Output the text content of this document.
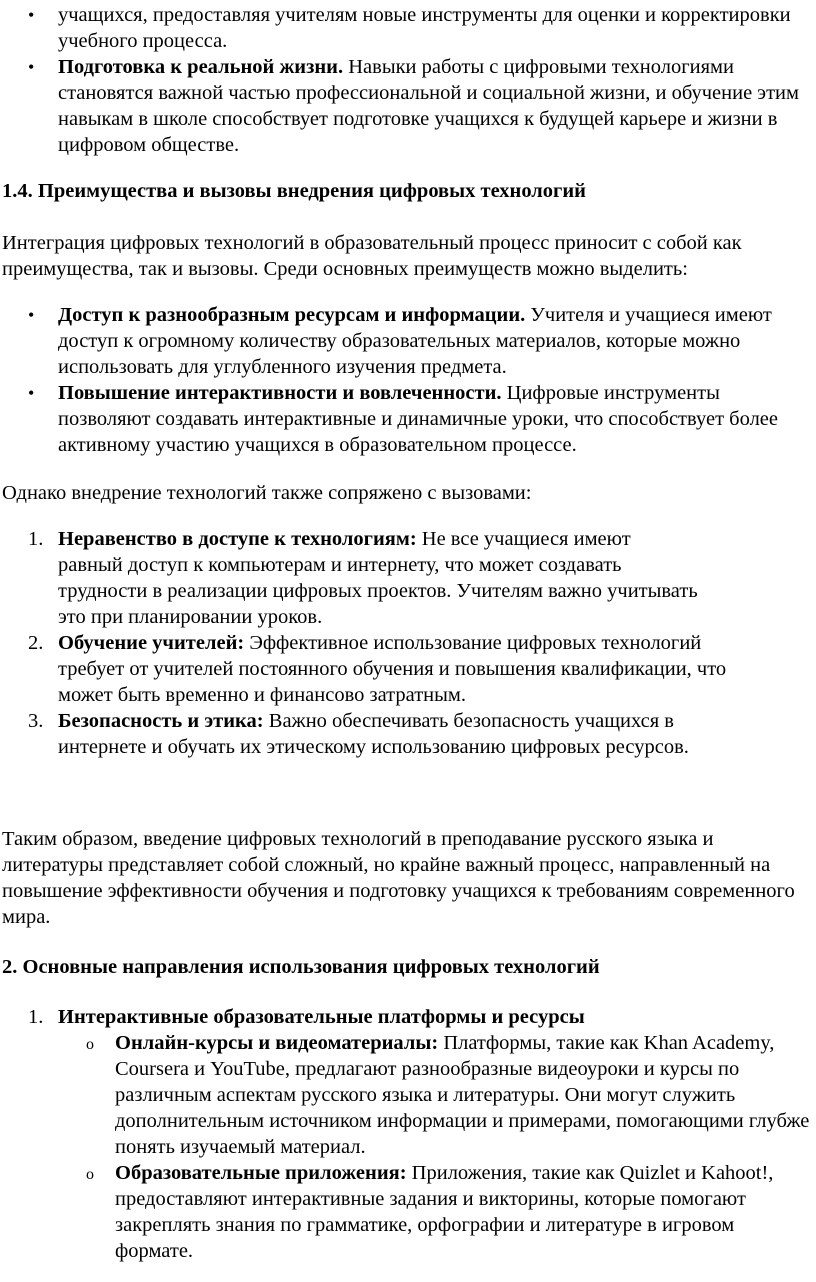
• учащихся, предоставляя учителям новые инструменты для оценки и корректировки учебного процесса.
• Подготовка к реальной жизни. Навыки работы с цифровыми технологиями становятся важной частью профессиональной и социальной жизни, и обучение этим навыкам в школе способствует подготовке учащихся к будущей карьере и жизни в цифровом обществе.

1.4. Преимущества и вызовы внедрения цифровых технологий

Интеграция цифровых технологий в образовательный процесс приносит с собой как преимущества, так и вызовы. Среди основных преимуществ можно выделить:

• Доступ к разнообразным ресурсам и информации. Учителя и учащиеся имеют доступ к огромному количеству образовательных материалов, которые можно использовать для углубленного изучения предмета.
• Повышение интерактивности и вовлеченности. Цифровые инструменты позволяют создавать интерактивные и динамичные уроки, что способствует более активному участию учащихся в образовательном процессе.

Однако внедрение технологий также сопряжено с вызовами:

1. Неравенство в доступе к технологиям: Не все учащиеся имеют равный доступ к компьютерам и интернету, что может создавать трудности в реализации цифровых проектов. Учителям важно учитывать это при планировании уроков.
2. Обучение учителей: Эффективное использование цифровых технологий требует от учителей постоянного обучения и повышения квалификации, что может быть временно и финансово затратным.
3. Безопасность и этика: Важно обеспечивать безопасность учащихся в интернете и обучать их этическому использованию цифровых ресурсов.

Таким образом, введение цифровых технологий в преподавание русского языка и литературы представляет собой сложный, но крайне важный процесс, направленный на повышение эффективности обучения и подготовку учащихся к требованиям современного мира.

2. Основные направления использования цифровых технологий

1. Интерактивные образовательные платформы и ресурсы
o Онлайн-курсы и видеоматериалы: Платформы, такие как Khan Academy, Coursera и YouTube, предлагают разнообразные видеоуроки и курсы по различным аспектам русского языка и литературы. Они могут служить дополнительным источником информации и примерами, помогающими глубже понять изучаемый материал.
o Образовательные приложения: Приложения, такие как Quizlet и Kahoot!, предоставляют интерактивные задания и викторины, которые помогают закреплять знания по грамматике, орфографии и литературе в игровом формате.
